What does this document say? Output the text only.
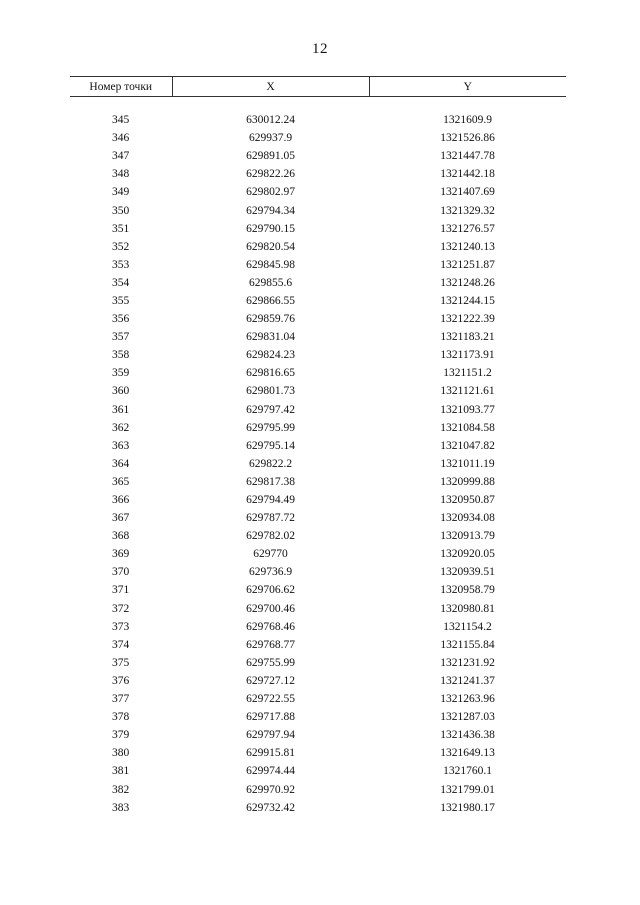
12
Номер точки	X	Y

345	630012.24	1321609.9
346	629937.9	1321526.86
347	629891.05	1321447.78
348	629822.26	1321442.18
349	629802.97	1321407.69
350	629794.34	1321329.32
351	629790.15	1321276.57
352	629820.54	1321240.13
353	629845.98	1321251.87
354	629855.6	1321248.26
355	629866.55	1321244.15
356	629859.76	1321222.39
357	629831.04	1321183.21
358	629824.23	1321173.91
359	629816.65	1321151.2
360	629801.73	1321121.61
361	629797.42	1321093.77
362	629795.99	1321084.58
363	629795.14	1321047.82
364	629822.2	1321011.19
365	629817.38	1320999.88
366	629794.49	1320950.87
367	629787.72	1320934.08
368	629782.02	1320913.79
369	629770	1320920.05
370	629736.9	1320939.51
371	629706.62	1320958.79
372	629700.46	1320980.81
373	629768.46	1321154.2
374	629768.77	1321155.84
375	629755.99	1321231.92
376	629727.12	1321241.37
377	629722.55	1321263.96
378	629717.88	1321287.03
379	629797.94	1321436.38
380	629915.81	1321649.13
381	629974.44	1321760.1
382	629970.92	1321799.01
383	629732.42	1321980.17
